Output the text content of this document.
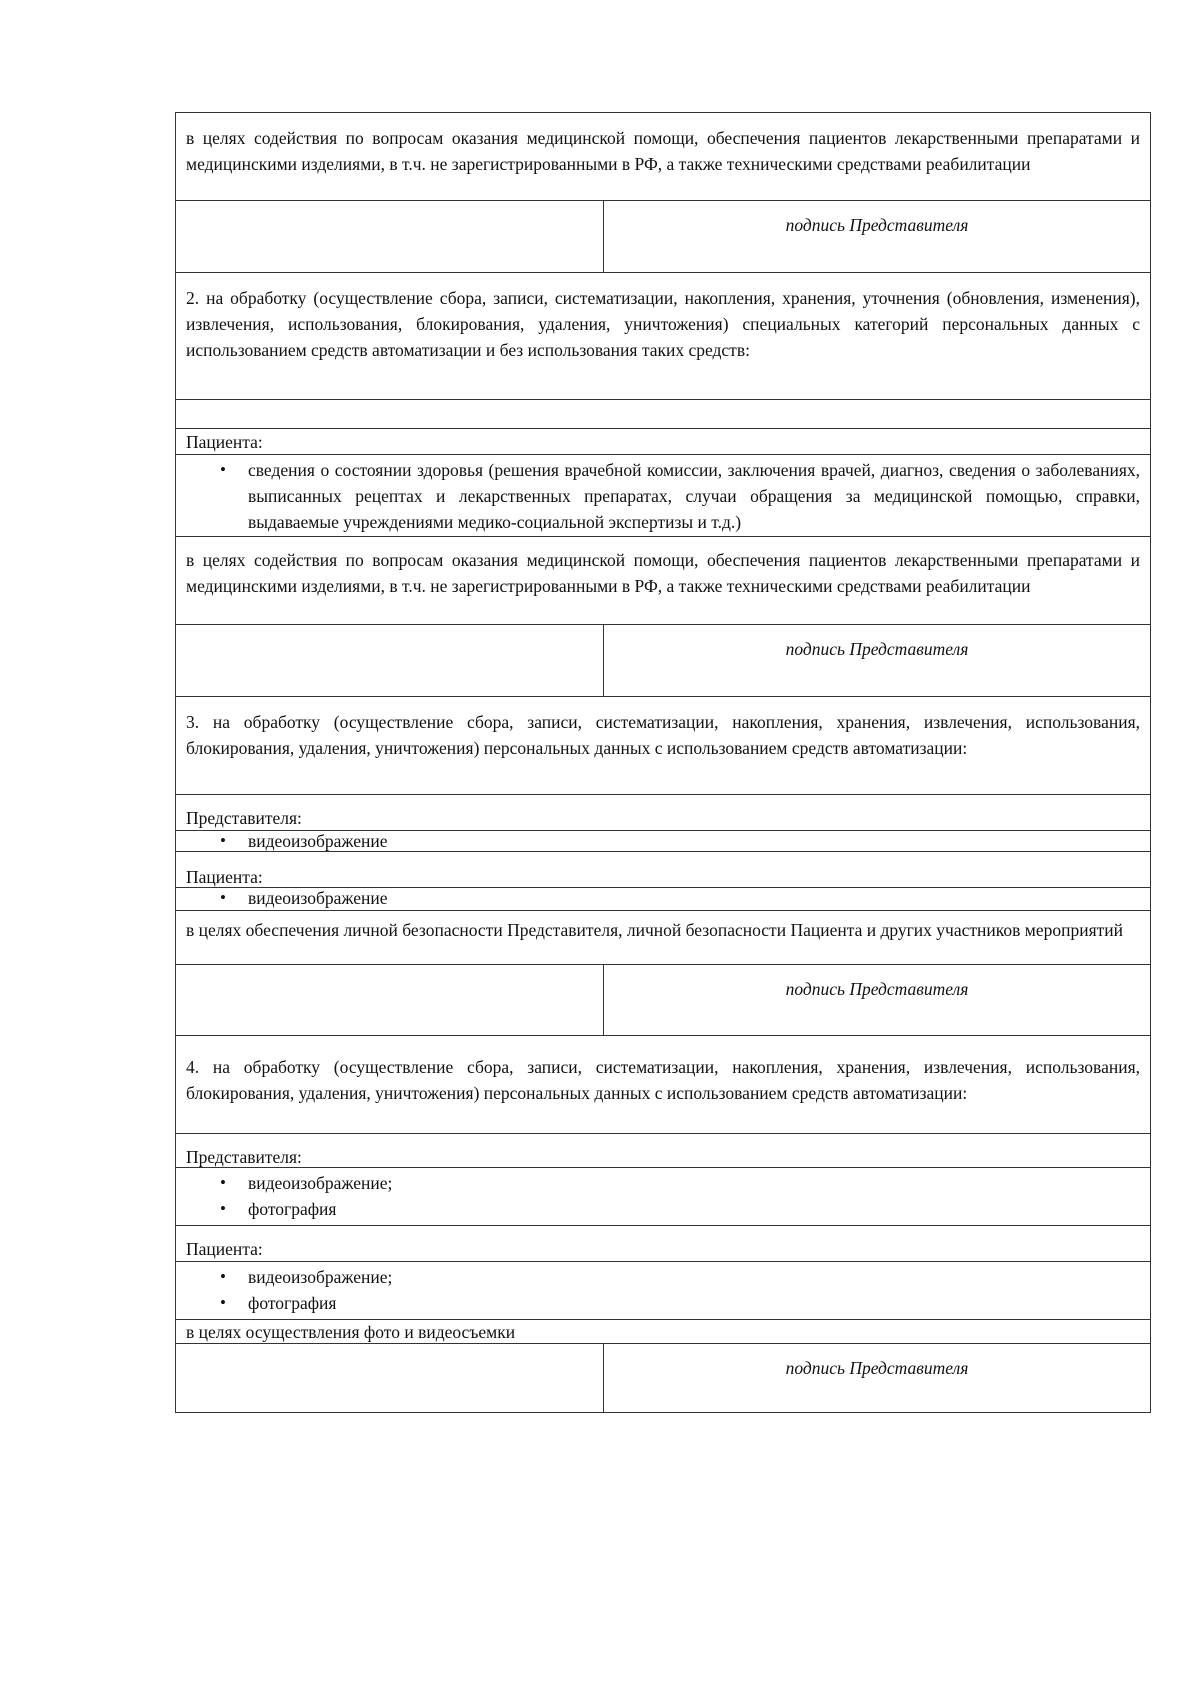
в целях содействия по вопросам оказания медицинской помощи, обеспечения пациентов лекарственными препаратами и медицинскими изделиями, в т.ч. не зарегистрированными в РФ, а также техническими средствами реабилитации
подпись Представителя
2. на обработку (осуществление сбора, записи, систематизации, накопления, хранения, уточнения (обновления, изменения), извлечения, использования, блокирования, удаления, уничтожения) специальных категорий персональных данных с использованием средств автоматизации и без использования таких средств:
Пациента:
• сведения о состоянии здоровья (решения врачебной комиссии, заключения врачей, диагноз, сведения о заболеваниях, выписанных рецептах и лекарственных препаратах, случаи обращения за медицинской помощью, справки, выдаваемые учреждениями медико-социальной экспертизы и т.д.)
в целях содействия по вопросам оказания медицинской помощи, обеспечения пациентов лекарственными препаратами и медицинскими изделиями, в т.ч. не зарегистрированными в РФ, а также техническими средствами реабилитации
подпись Представителя
3. на обработку (осуществление сбора, записи, систематизации, накопления, хранения, извлечения, использования, блокирования, удаления, уничтожения) персональных данных с использованием средств автоматизации:
Представителя:
• видеоизображение
Пациента:
• видеоизображение
в целях обеспечения личной безопасности Представителя, личной безопасности Пациента и других участников мероприятий
подпись Представителя
4. на обработку (осуществление сбора, записи, систематизации, накопления, хранения, извлечения, использования, блокирования, удаления, уничтожения) персональных данных с использованием средств автоматизации:
Представителя:
• видеоизображение;
• фотография
Пациента:
• видеоизображение;
• фотография
в целях осуществления фото и видеосъемки
подпись Представителя
